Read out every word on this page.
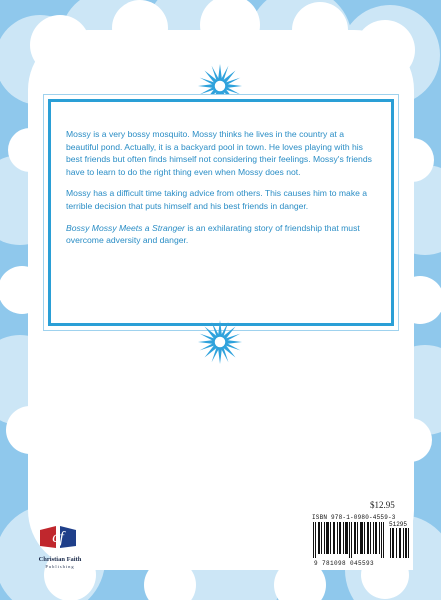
Mossy is a very bossy mosquito. Mossy thinks he lives in the country at a beautiful pond. Actually, it is a backyard pool in town. He loves playing with his best friends but often finds himself not considering their feelings. Mossy's friends have to learn to do the right thing even when Mossy does not.

Mossy has a difficult time taking advice from others. This causes him to make a terrible decision that puts himself and his best friends in danger.

Bossy Mossy Meets a Stranger is an exhilarating story of friendship that must overcome adversity and danger.

cf
Christian Faith
Publishing
$12.95
ISBN 978-1-0980-4559-3
51295
9 781098 045593
